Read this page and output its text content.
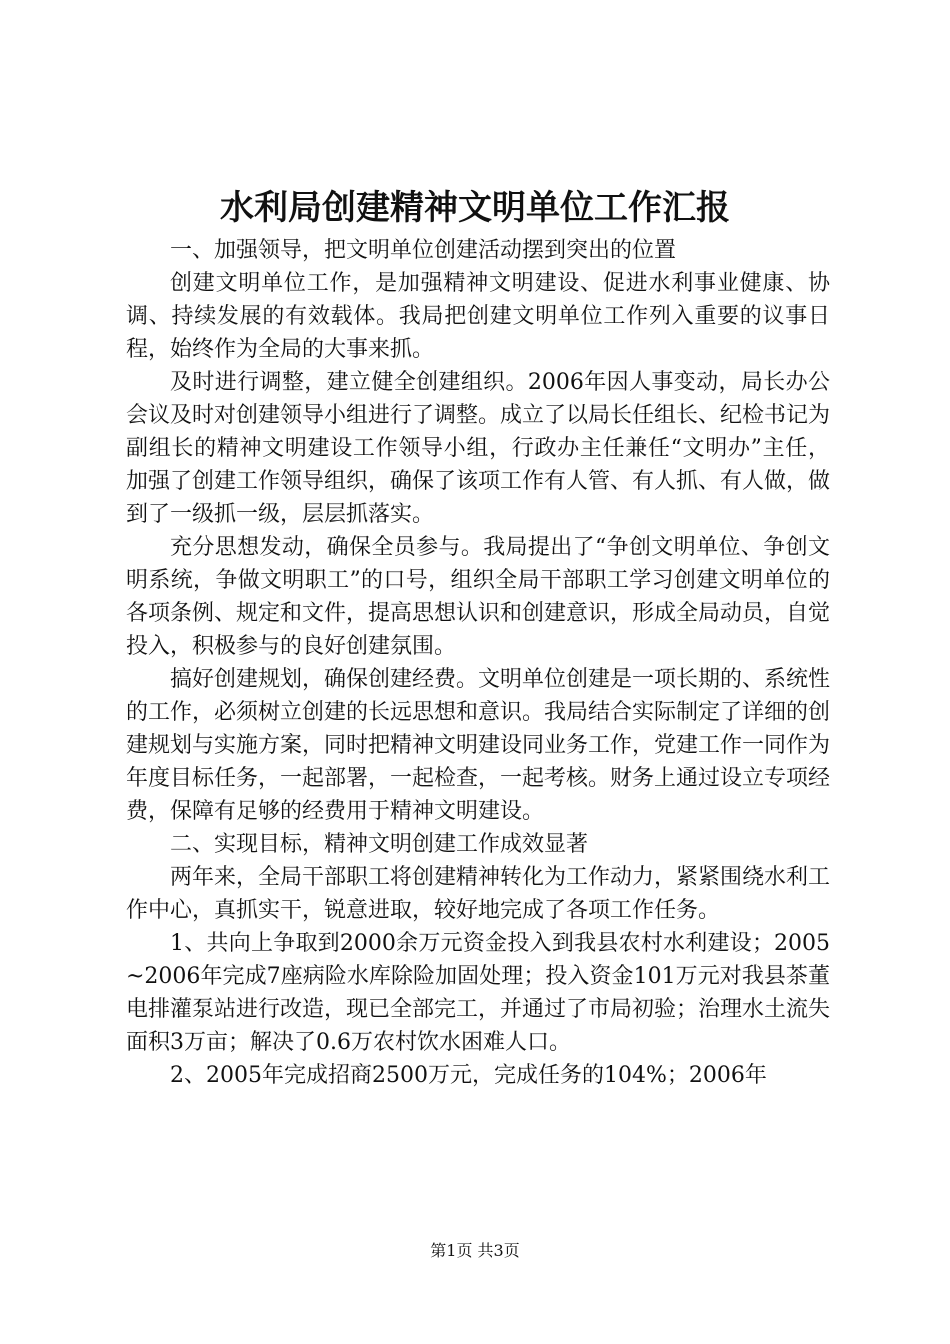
水利局创建精神文明单位工作汇报

一、加强领导，把文明单位创建活动摆到突出的位置

创建文明单位工作，是加强精神文明建设、促进水利事业健康、协调、持续发展的有效载体。我局把创建文明单位工作列入重要的议事日程，始终作为全局的大事来抓。

及时进行调整，建立健全创建组织。2006年因人事变动，局长办公会议及时对创建领导小组进行了调整。成立了以局长任组长、纪检书记为副组长的精神文明建设工作领导小组，行政办主任兼任“文明办”主任，加强了创建工作领导组织，确保了该项工作有人管、有人抓、有人做，做到了一级抓一级，层层抓落实。

充分思想发动，确保全员参与。我局提出了“争创文明单位、争创文明系统，争做文明职工”的口号，组织全局干部职工学习创建文明单位的各项条例、规定和文件，提高思想认识和创建意识，形成全局动员，自觉投入，积极参与的良好创建氛围。

搞好创建规划，确保创建经费。文明单位创建是一项长期的、系统性的工作，必须树立创建的长远思想和意识。我局结合实际制定了详细的创建规划与实施方案，同时把精神文明建设同业务工作，党建工作一同作为年度目标任务，一起部署，一起检查，一起考核。财务上通过设立专项经费，保障有足够的经费用于精神文明建设。

二、实现目标，精神文明创建工作成效显著

两年来，全局干部职工将创建精神转化为工作动力，紧紧围绕水利工作中心，真抓实干，锐意进取，较好地完成了各项工作任务。

1、共向上争取到2000余万元资金投入到我县农村水利建设；2005~2006年完成7座病险水库除险加固处理；投入资金101万元对我县茶董电排灌泵站进行改造，现已全部完工，并通过了市局初验；治理水土流失面积3万亩；解决了0.6万农村饮水困难人口。

2、2005年完成招商2500万元，完成任务的104%；2006年

第1页 共3页
